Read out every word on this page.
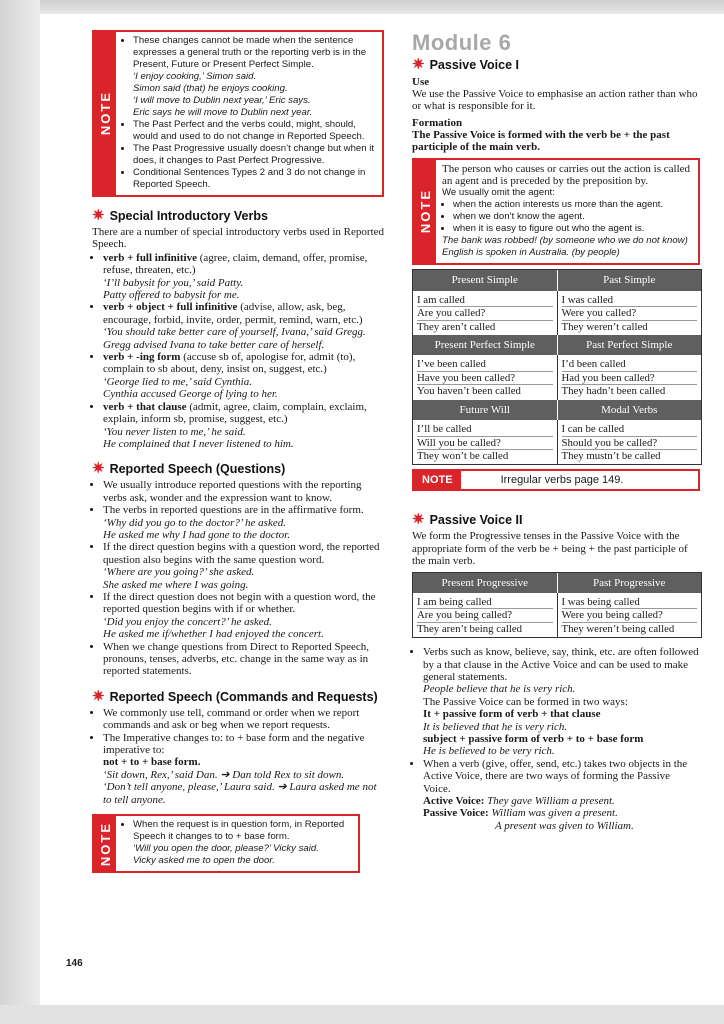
NOTE
• These changes cannot be made when the sentence expresses a general truth or the reporting verb is in the Present, Future or Present Perfect Simple.
‘I enjoy cooking,’ Simon said.
Simon said (that) he enjoys cooking.
‘I will move to Dublin next year,’ Eric says.
Eric says he will move to Dublin next year.
• The Past Perfect and the verbs could, might, should, would and used to do not change in Reported Speech.
• The Past Progressive usually doesn’t change but when it does, it changes to Past Perfect Progressive.
• Conditional Sentences Types 2 and 3 do not change in Reported Speech.
✷ Special Introductory Verbs

There are a number of special introductory verbs used in Reported Speech.

• verb + full infinitive (agree, claim, demand, offer, promise, refuse, threaten, etc.)
‘I’ll babysit for you,’ said Patty.
Patty offered to babysit for me.
• verb + object + full infinitive (advise, allow, ask, beg, encourage, forbid, invite, order, permit, remind, warn, etc.)
‘You should take better care of yourself, Ivana,’ said Gregg.
Gregg advised Ivana to take better care of herself.
• verb + -ing form (accuse sb of, apologise for, admit (to), complain to sb about, deny, insist on, suggest, etc.)
‘George lied to me,’ said Cynthia.
Cynthia accused George of lying to her.
• verb + that clause (admit, agree, claim, complain, exclaim, explain, inform sb, promise, suggest, etc.)
‘You never listen to me,’ he said.
He complained that I never listened to him.
✷ Reported Speech (Questions)
• We usually introduce reported questions with the reporting verbs ask, wonder and the expression want to know.
• The verbs in reported questions are in the affirmative form.
‘Why did you go to the doctor?’ he asked.
He asked me why I had gone to the doctor.
• If the direct question begins with a question word, the reported question also begins with the same question word.
‘Where are you going?’ she asked.
She asked me where I was going.
• If the direct question does not begin with a question word, the reported question begins with if or whether.
‘Did you enjoy the concert?’ he asked.
He asked me if/whether I had enjoyed the concert.
• When we change questions from Direct to Reported Speech, pronouns, tenses, adverbs, etc. change in the same way as in reported statements.
✷ Reported Speech (Commands and Requests)
• We commonly use tell, command or order when we report commands and ask or beg when we report requests.
• The Imperative changes to: to + base form and the negative imperative to:
not + to + base form.
‘Sit down, Rex,’ said Dan. ➔ Dan told Rex to sit down.
‘Don’t tell anyone, please,’ Laura said. ➔ Laura asked me not to tell anyone.
NOTE
• When the request is in question form, in Reported Speech it changes to to + base form.
‘Will you open the door, please?’ Vicky said.
Vicky asked me to open the door.
146
Module 6
✷ Passive Voice I
Use

We use the Passive Voice to emphasise an action rather than who or what is responsible for it.

Formation

The Passive Voice is formed with the verb be + the past participle of the main verb.

NOTE
The person who causes or carries out the action is called an agent and is preceded by the preposition by.
We usually omit the agent:
• when the action interests us more than the agent.
• when we don’t know the agent.
• when it is easy to figure out who the agent is.
The bank was robbed! (by someone who we do not know)
English is spoken in Australia. (by people)
Present Simple	Past Simple
I am called
Are you called?
They aren’t called
I was called
Were you called?
They weren’t called
Present Perfect Simple	Past Perfect Simple
I’ve been called
Have you been called?
You haven’t been called
I’d been called
Had you been called?
They hadn’t been called
Future Will	Modal Verbs
I’ll be called
Will you be called?
They won’t be called
I can be called
Should you be called?
They mustn’t be called
NOTE	Irregular verbs page 149.
✷ Passive Voice II

We form the Progressive tenses in the Passive Voice with the appropriate form of the verb be + being + the past participle of the main verb.

Present Progressive	Past Progressive
I am being called
Are you being called?
They aren’t being called
I was being called
Were you being called?
They weren’t being called
• Verbs such as know, believe, say, think, etc. are often followed by a that clause in the Active Voice and can be used to make general statements.
People believe that he is very rich.
The Passive Voice can be formed in two ways:
It + passive form of verb + that clause
It is believed that he is very rich.
subject + passive form of verb + to + base form
He is believed to be very rich.
• When a verb (give, offer, send, etc.) takes two objects in the Active Voice, there are two ways of forming the Passive Voice.
Active Voice: They gave William a present.
Passive Voice: William was given a present.
A present was given to William.
